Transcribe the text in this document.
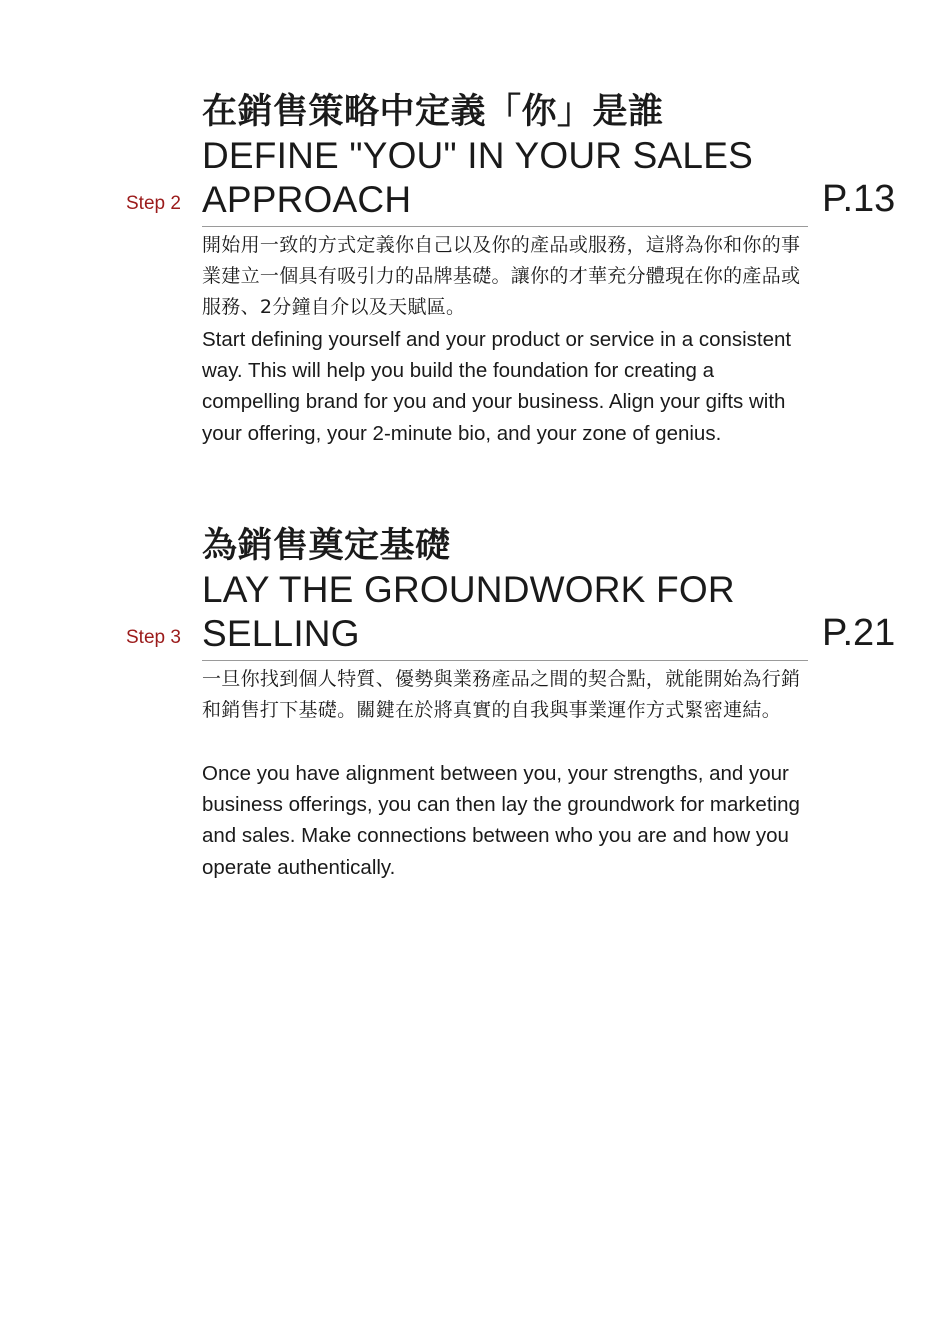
在銷售策略中定義「你」是誰
DEFINE "YOU" IN YOUR SALES
APPROACH
Step 2	P.13
開始用一致的方式定義你自己以及你的產品或服務，這將為你和你的事業建立一個具有吸引力的品牌基礎。讓你的才華充分體現在你的產品或服務、2分鐘自介以及天賦區。
Start defining yourself and your product or service in a consistent way. This will help you build the foundation for creating a compelling brand for you and your business. Align your gifts with your offering, your 2-minute bio, and your zone of genius.
為銷售奠定基礎
LAY THE GROUNDWORK FOR
SELLING
Step 3	P.21
一旦你找到個人特質、優勢與業務產品之間的契合點，就能開始為行銷和銷售打下基礎。關鍵在於將真實的自我與事業運作方式緊密連結。
Once you have alignment between you, your strengths, and your business offerings, you can then lay the groundwork for marketing and sales. Make connections between who you are and how you operate authentically.
